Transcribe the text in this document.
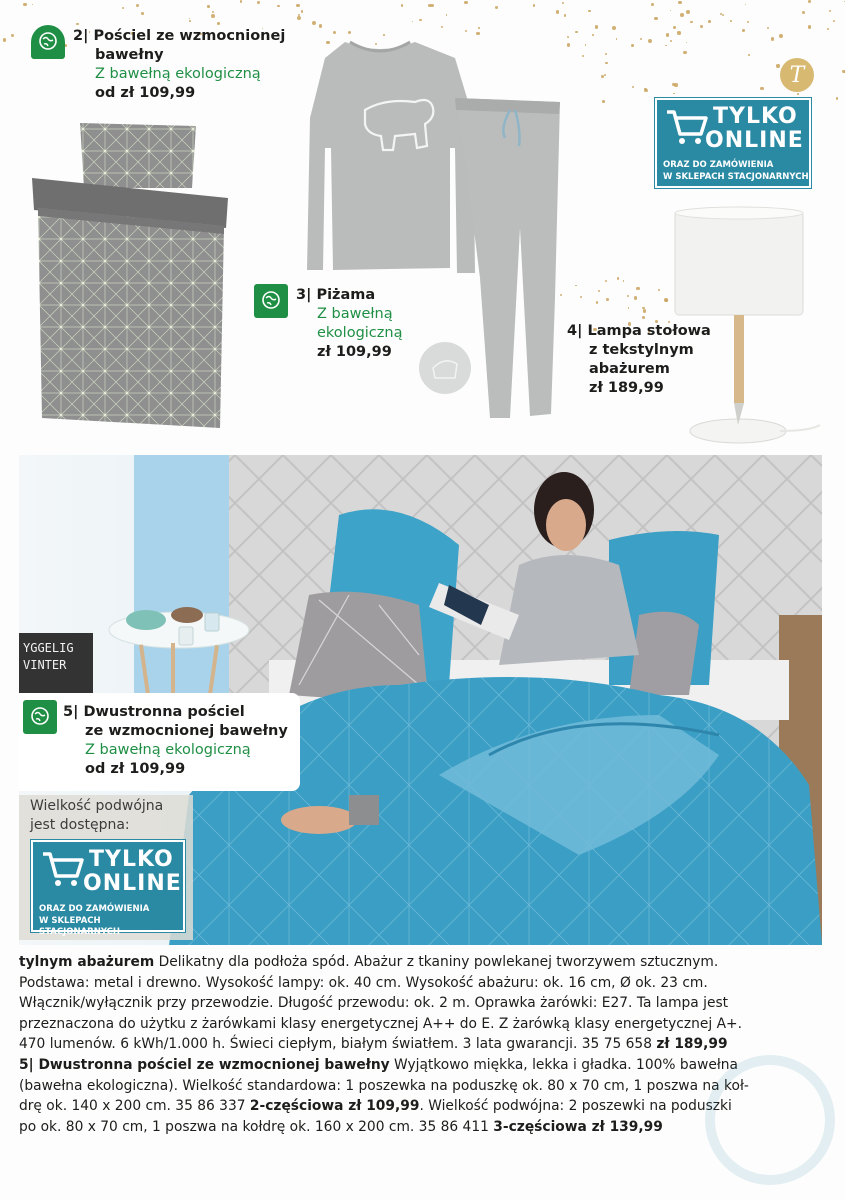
T
2| Pościel ze wzmocnionej
bawełny
Z bawełną ekologiczną
od zł 109,99
3| Piżama
Z bawełną
ekologiczną
zł 109,99
TYLKO
ONLINE
ORAZ DO ZAMÓWIENIA
W SKLEPACH STACJONARNYCH
4| Lampa stołowa
z tekstylnym
abażurem
zł 189,99
YGGELIG
VINTER
5| Dwustronna pościel
ze wzmocnionej bawełny
Z bawełną ekologiczną
od zł 109,99
Wielkość podwójna
jest dostępna:
TYLKO
ONLINE
ORAZ DO ZAMÓWIENIA
W SKLEPACH STACJONARNYCH

tylnym abażurem Delikatny dla podłoża spód. Abażur z tkaniny powlekanej tworzywem sztucznym.

Podstawa: metal i drewno. Wysokość lampy: ok. 40 cm. Wysokość abażuru: ok. 16 cm, Ø ok. 23 cm.

Włącznik/wyłącznik przy przewodzie. Długość przewodu: ok. 2 m. Oprawka żarówki: E27. Ta lampa jest

przeznaczona do użytku z żarówkami klasy energetycznej A++ do E. Z żarówką klasy energetycznej A+.

470 lumenów. 6 kWh/1.000 h. Świeci ciepłym, białym światłem. 3 lata gwarancji. 35 75 658 zł 189,99

5| Dwustronna pościel ze wzmocnionej bawełny Wyjątkowo miękka, lekka i gładka. 100% bawełna

(bawełna ekologiczna). Wielkość standardowa: 1 poszewka na poduszkę ok. 80 x 70 cm, 1 poszwa na koł-

drę ok. 140 x 200 cm. 35 86 337 2-częściowa zł 109,99. Wielkość podwójna: 2 poszewki na poduszki

po ok. 80 x 70 cm, 1 poszwa na kołdrę ok. 160 x 200 cm. 35 86 411 3-częściowa zł 139,99
